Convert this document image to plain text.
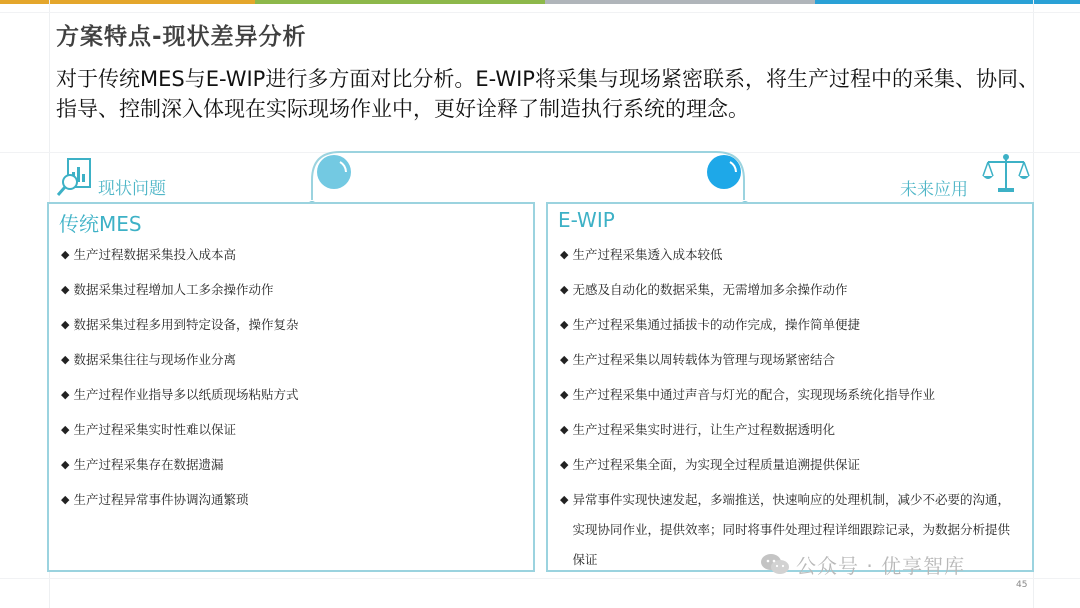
方案特点-现状差异分析
对于传统MES与E-WIP进行多方面对比分析。E-WIP将采集与现场紧密联系，将生产过程中的采集、协同、指导、控制深入体现在实际现场作业中，更好诠释了制造执行系统的理念。
现状问题	未来应用
传统MES
◆ 生产过程数据采集投入成本高
◆ 数据采集过程增加人工多余操作动作
◆ 数据采集过程多用到特定设备，操作复杂
◆ 数据采集往往与现场作业分离
◆ 生产过程作业指导多以纸质现场粘贴方式
◆ 生产过程采集实时性难以保证
◆ 生产过程采集存在数据遗漏
◆ 生产过程异常事件协调沟通繁琐
E-WIP
◆ 生产过程采集透入成本较低
◆ 无感及自动化的数据采集，无需增加多余操作动作
◆ 生产过程采集通过插拔卡的动作完成，操作简单便捷
◆ 生产过程采集以周转载体为管理与现场紧密结合
◆ 生产过程采集中通过声音与灯光的配合，实现现场系统化指导作业
◆ 生产过程采集实时进行，让生产过程数据透明化
◆ 生产过程采集全面，为实现全过程质量追溯提供保证
◆ 异常事件实现快速发起，多端推送，快速响应的处理机制，减少不必要的沟通，实现协同作业，提供效率；同时将事件处理过程详细跟踪记录，为数据分析提供保证	公众号 · 优享智库
45
